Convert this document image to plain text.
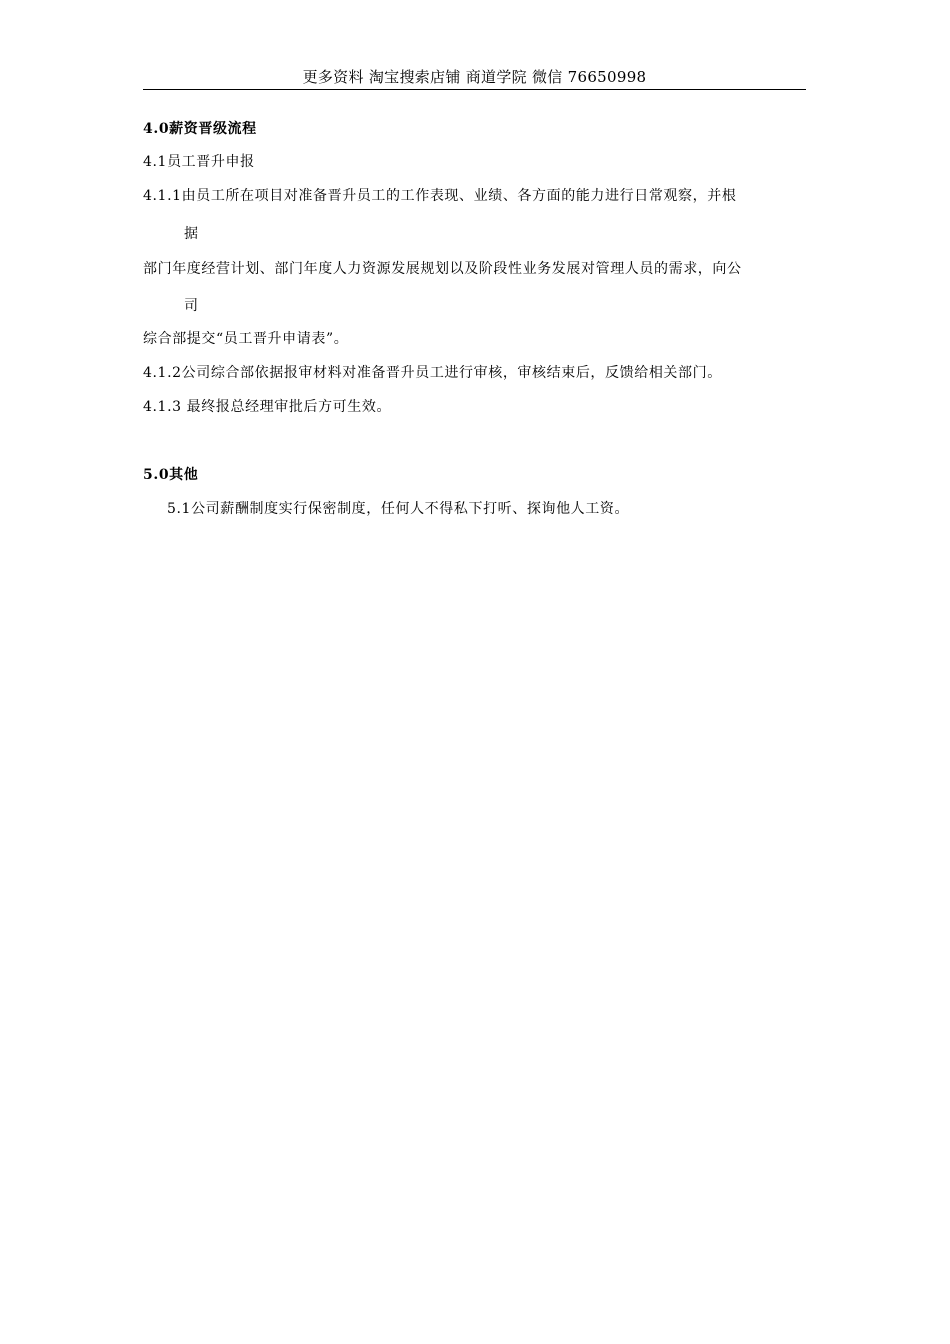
更多资料 淘宝搜索店铺 商道学院 微信 76650998
4.0薪资晋级流程
4.1员工晋升申报
4.1.1由员工所在项目对准备晋升员工的工作表现、业绩、各方面的能力进行日常观察，并根
据
部门年度经营计划、部门年度人力资源发展规划以及阶段性业务发展对管理人员的需求，向公
司
综合部提交“员工晋升申请表”。
4.1.2公司综合部依据报审材料对准备晋升员工进行审核，审核结束后，反馈给相关部门。
4.1.3 最终报总经理审批后方可生效。
5.0其他
5.1公司薪酬制度实行保密制度，任何人不得私下打听、探询他人工资。
